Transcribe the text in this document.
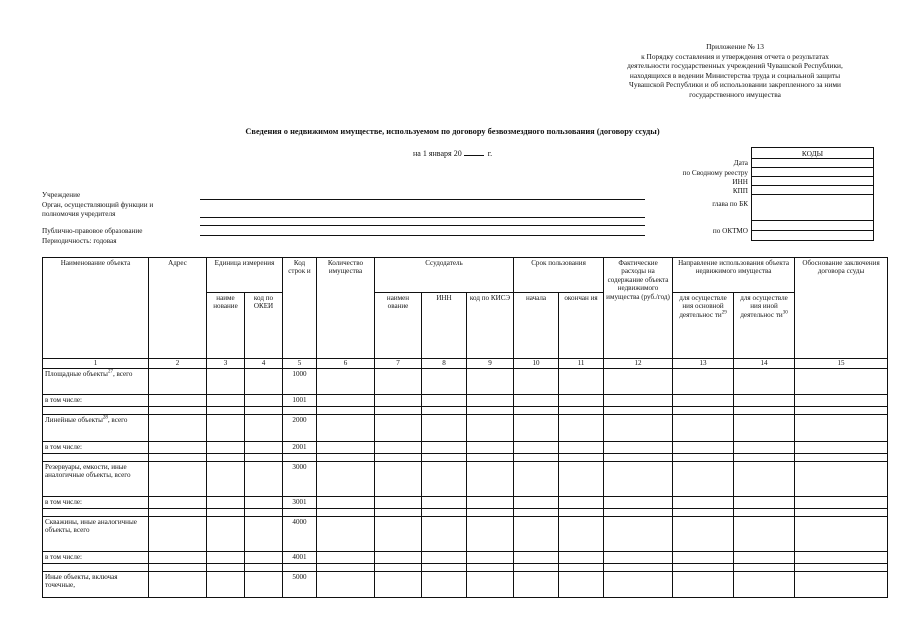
Приложение № 13
к Порядку составления и утверждения отчета о результатах
деятельности государственных учреждений Чувашской Республики,
находящихся в ведении Министерства труда и социальной защиты
Чувашской Республики и об использовании закрепленного за ними
государственного имущества
Сведения о недвижимом имуществе, используемом по договору безвозмездного пользования (договору ссуды)
на 1 января 20	г.	КОДЫ

Дата
по Сводному реестру
ИНН
КПП
глава по БК
по ОКТМО
Учреждение
Орган, осуществляющий функции и
полномочия учредителя
Публично-правовое образование
Периодичность: годовая
Наименование объекта	Адрес	Единица измерения		Код строк и	Количество имущества	Ссудодатель			Срок пользования		Фактические расходы на содержание объекта недвижимого имущества (руб./год)	Направление использования объекта недвижимого имущества		Обоснование заключения договора ссуды
		наиме нование	код по ОКЕИ			наимен ование	ИНН	код по КИСЭ	начала	окончан ия		для осуществле ния основной деятельнос $ти^{29}$	для осуществле ния иной деятельнос $ти^{30}$
1	2	3	4	5	6	7	8	9	10	11	12	13	14	15
Площадные объекты$^{27}$, всего				1000										
в том числе:				1001										

Линейные объекты$^{28}$, всего				2000										
в том числе:				2001										

Резервуары, емкости, иные аналогичные объекты, всего				3000										
в том числе:				3001										

Скважины, иные аналогичные объекты, всего				4000										
в том числе:				4001										

Иные объекты, включая точечные,				5000										
